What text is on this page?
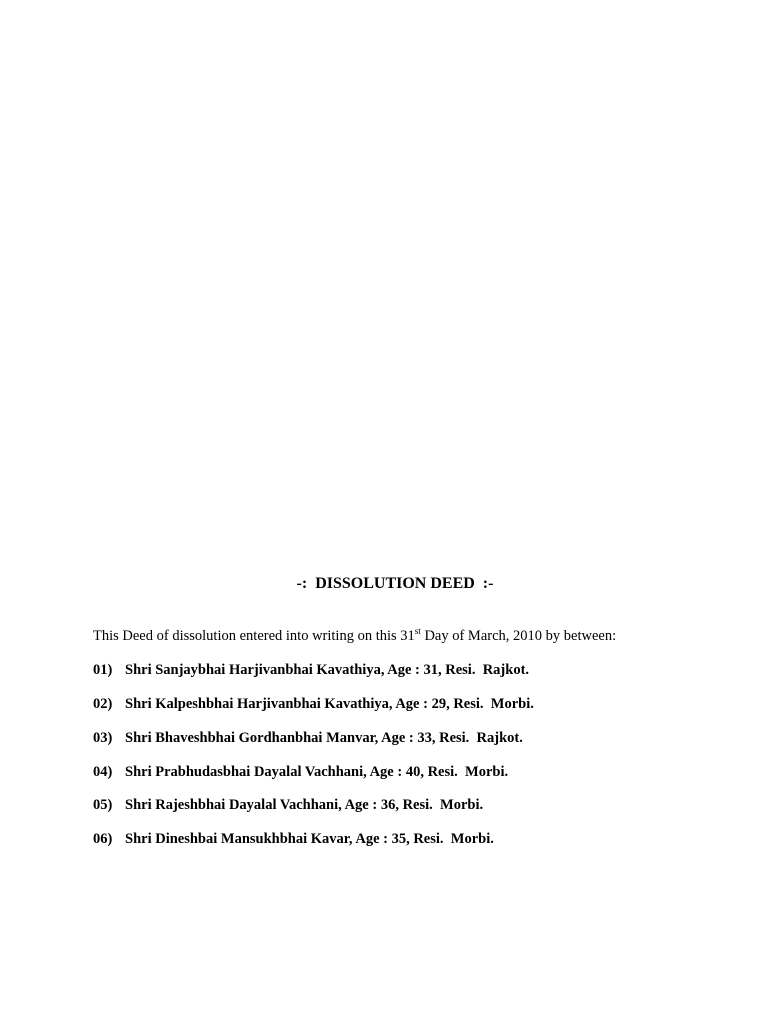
-:  DISSOLUTION DEED  :-
This Deed of dissolution entered into writing on this 31st Day of March, 2010 by between:
01) Shri Sanjaybhai Harjivanbhai Kavathiya, Age : 31, Resi.  Rajkot.
02) Shri Kalpeshbhai Harjivanbhai Kavathiya, Age : 29, Resi.  Morbi.
03) Shri Bhaveshbhai Gordhanbhai Manvar, Age : 33, Resi.  Rajkot.
04) Shri Prabhudasbhai Dayalal Vachhani, Age : 40, Resi.  Morbi.
05) Shri Rajeshbhai Dayalal Vachhani, Age : 36, Resi.  Morbi.
06) Shri Dineshbai Mansukhbhai Kavar, Age : 35, Resi.  Morbi.
